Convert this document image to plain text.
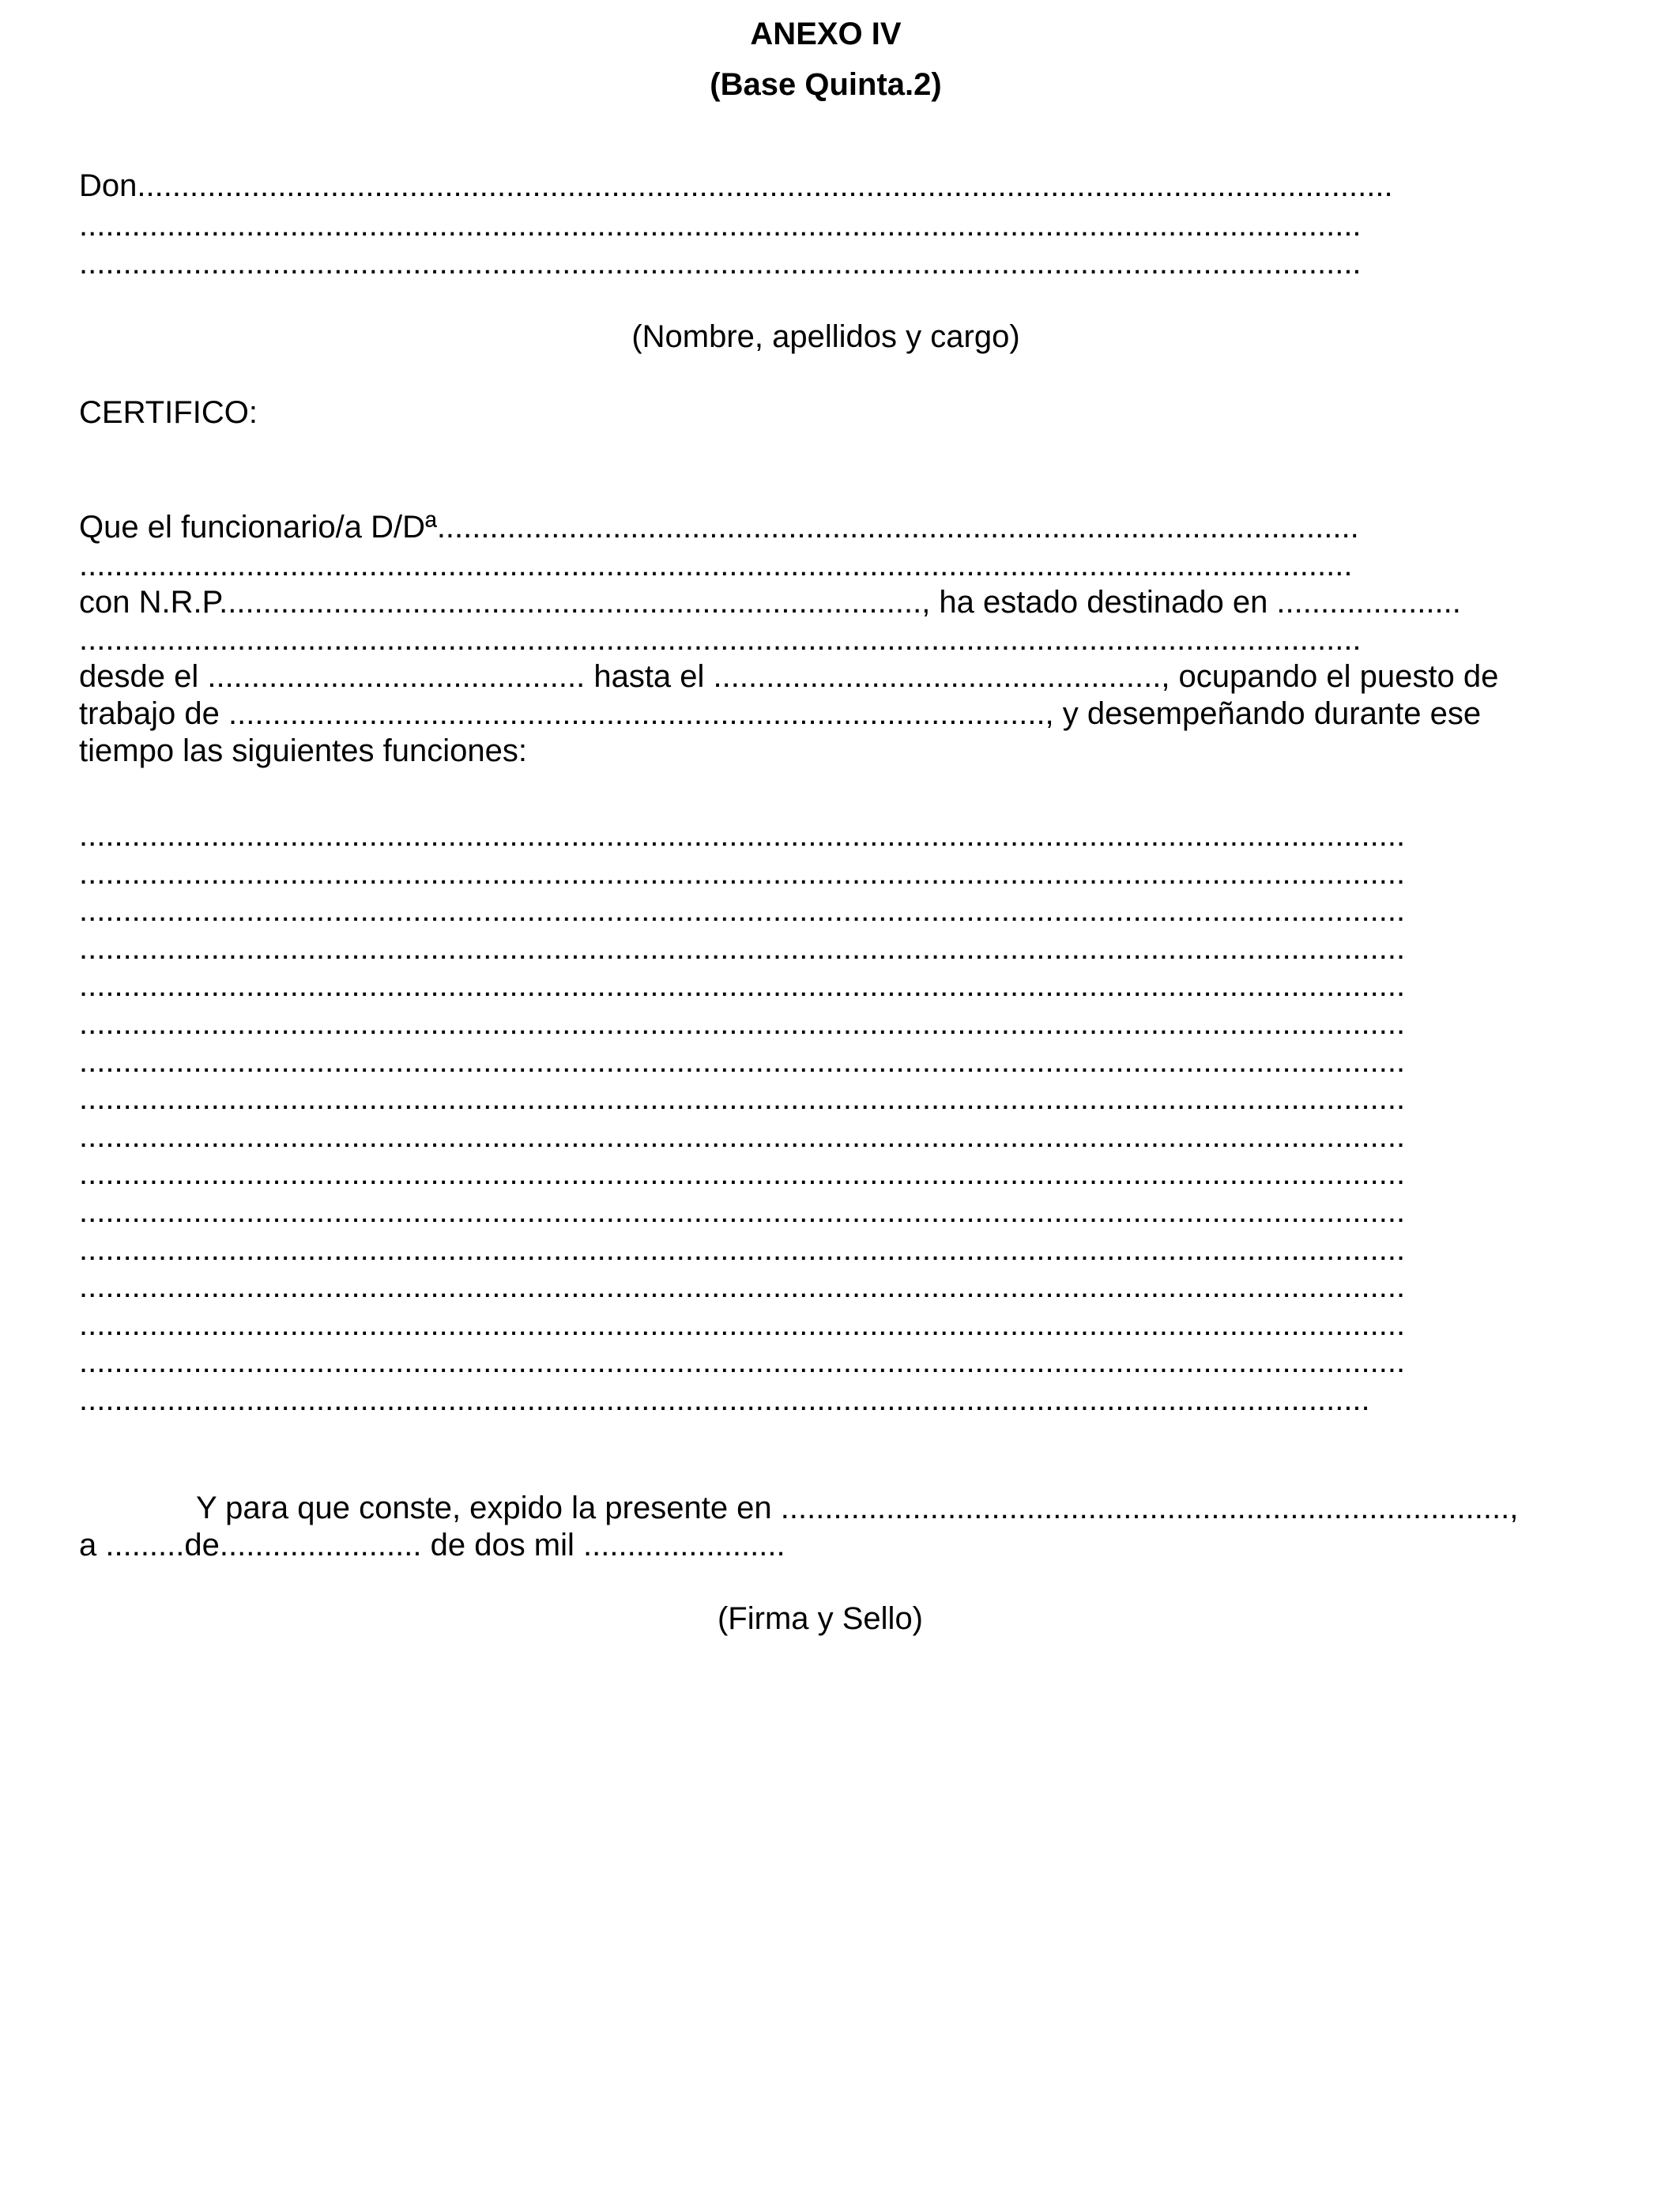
ANEXO IV
(Base Quinta.2)
Don...............................................................................................................................................
..................................................................................................................................................
..................................................................................................................................................
(Nombre, apellidos y cargo)
CERTIFICO:
Que el funcionario/a D/Dª.........................................................................................................
.................................................................................................................................................
con N.R.P................................................................................, ha estado destinado en .....................
..................................................................................................................................................
desde el ........................................... hasta el ..................................................., ocupando el puesto de
trabajo de ............................................................................................., y desempeñando durante ese
tiempo las siguientes funciones:
.......................................................................................................................................................
.......................................................................................................................................................
.......................................................................................................................................................
.......................................................................................................................................................
.......................................................................................................................................................
.......................................................................................................................................................
.......................................................................................................................................................
.......................................................................................................................................................
.......................................................................................................................................................
.......................................................................................................................................................
.......................................................................................................................................................
.......................................................................................................................................................
.......................................................................................................................................................
.......................................................................................................................................................
.......................................................................................................................................................
...................................................................................................................................................
Y para que conste, expido la presente en ...................................................................................,
a .........de....................... de dos mil .......................
(Firma y Sello)
